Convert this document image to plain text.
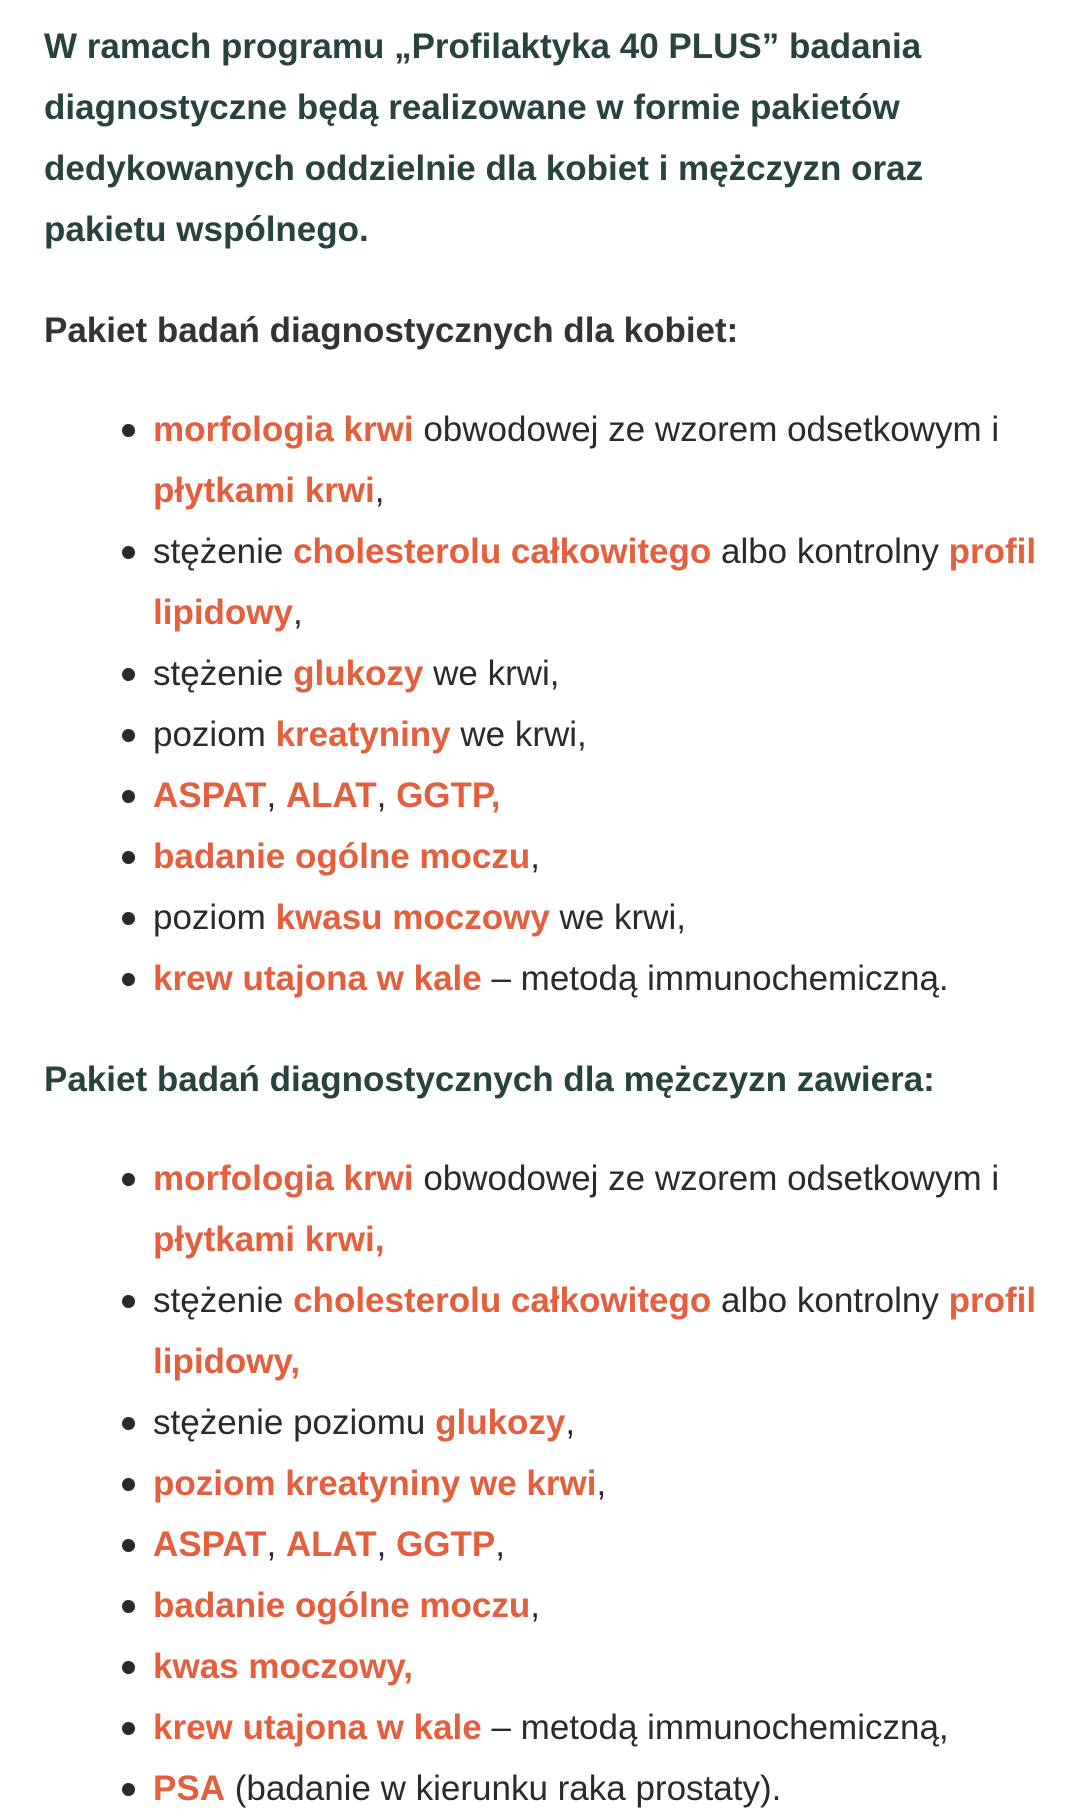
W ramach programu „Profilaktyka 40 PLUS” badania diagnostyczne będą realizowane w formie pakietów dedykowanych oddzielnie dla kobiet i mężczyzn oraz pakietu wspólnego.

Pakiet badań diagnostycznych dla kobiet:
morfologia krwi obwodowej ze wzorem odsetkowym i płytkami krwi,
stężenie cholesterolu całkowitego albo kontrolny profil lipidowy,
stężenie glukozy we krwi,
poziom kreatyniny we krwi,
ASPAT, ALAT, GGTP,
badanie ogólne moczu,
poziom kwasu moczowy we krwi,
krew utajona w kale – metodą immunochemiczną.
Pakiet badań diagnostycznych dla mężczyzn zawiera:
morfologia krwi obwodowej ze wzorem odsetkowym i płytkami krwi,
stężenie cholesterolu całkowitego albo kontrolny profil lipidowy,
stężenie poziomu glukozy,
poziom kreatyniny we krwi,
ASPAT, ALAT, GGTP,
badanie ogólne moczu,
kwas moczowy,
krew utajona w kale – metodą immunochemiczną,
PSA (badanie w kierunku raka prostaty).
